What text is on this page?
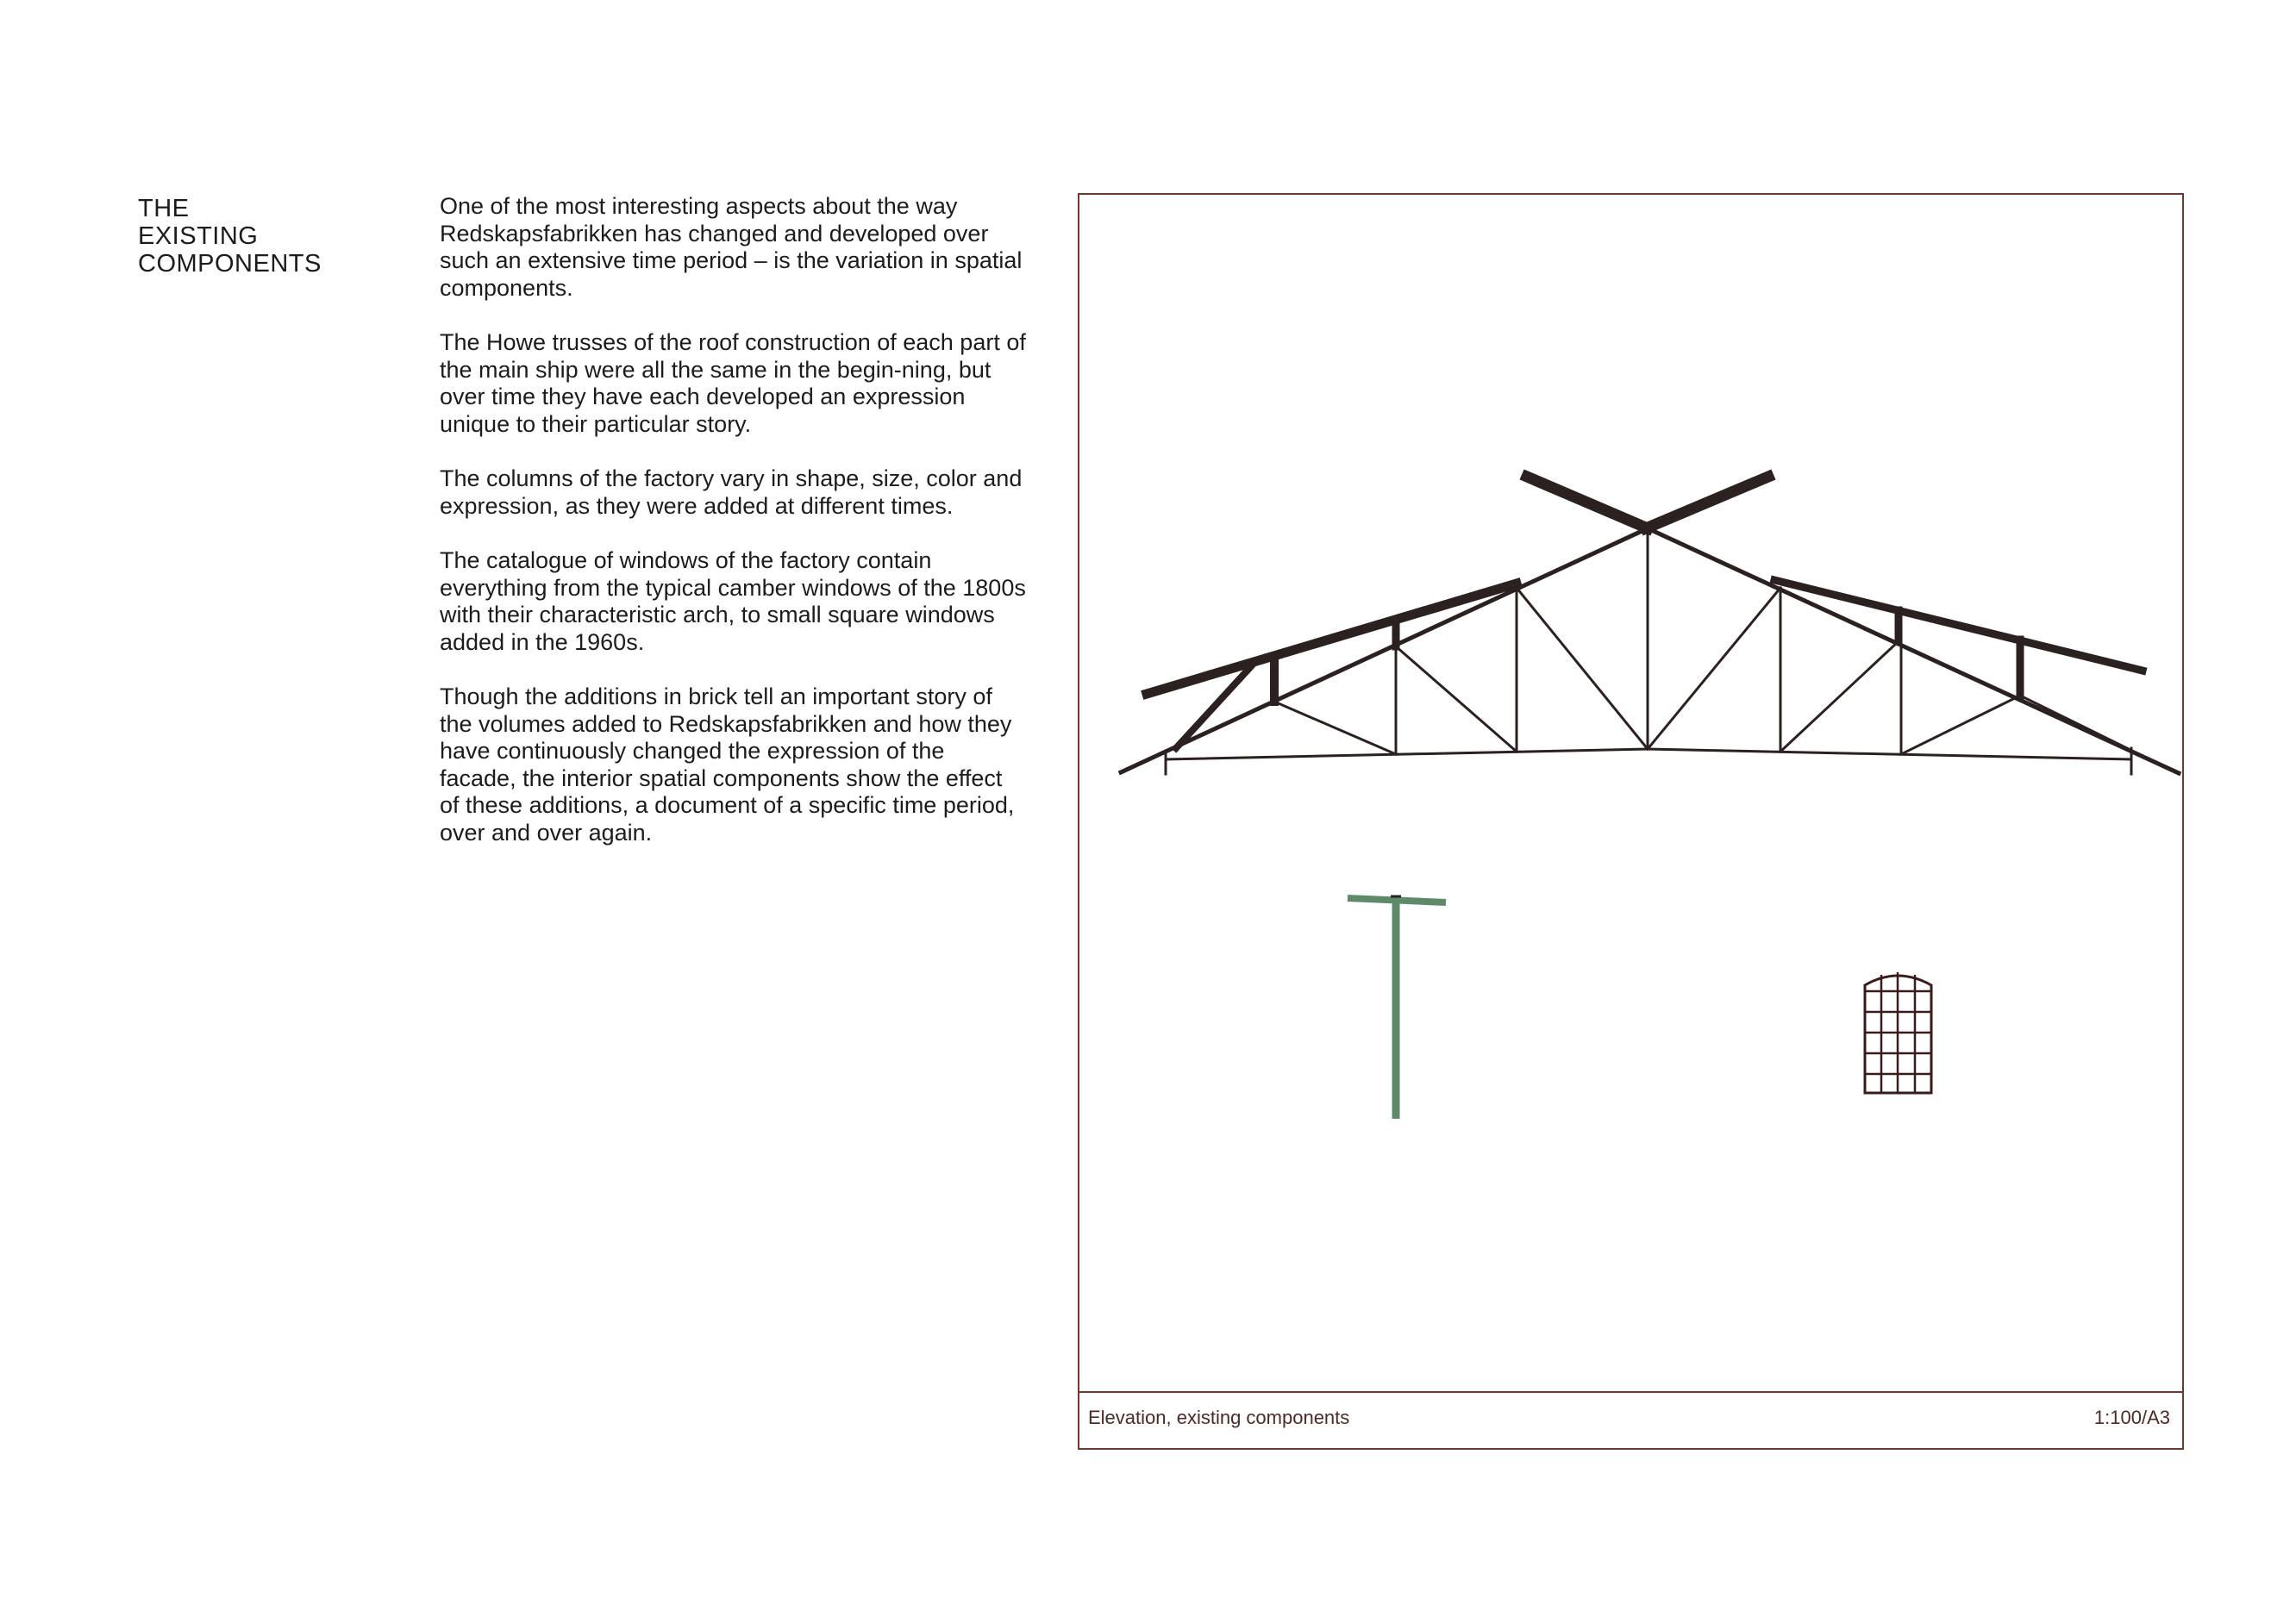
THE
EXISTING
COMPONENTS

One of the most interesting aspects about the way Redskapsfabrikken has changed and developed over such an extensive time period – is the variation in spatial components.

The Howe trusses of the roof construction of each part of the main ship were all the same in the begin-ning, but over time they have each developed an expression unique to their particular story.

The columns of the factory vary in shape, size, color and expression, as they were added at different times.

The catalogue of windows of the factory contain everything from the typical camber windows of the 1800s with their characteristic arch, to small square windows added in the 1960s.

Though the additions in brick tell an important story of the volumes added to Redskapsfabrikken and how they have continuously changed the expression of the facade, the interior spatial components show the effect of these additions, a document of a specific time period, over and over again.

Elevation, existing components	1:100/A3
